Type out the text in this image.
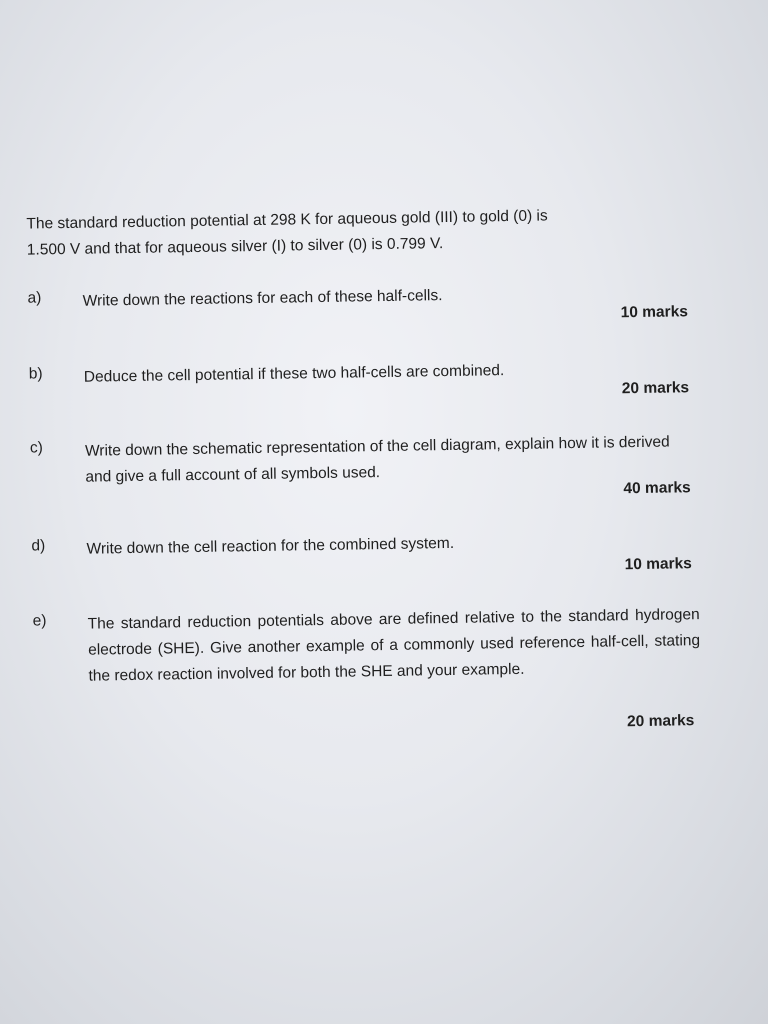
The standard reduction potential at 298 K for aqueous gold (III) to gold (0) is
1.500 V and that for aqueous silver (I) to silver (0) is 0.799 V.
a)	Write down the reactions for each of these half-cells.
10 marks
b)	Deduce the cell potential if these two half-cells are combined.
20 marks
c)	Write down the schematic representation of the cell diagram, explain how it is derived and give a full account of all symbols used.
40 marks
d)	Write down the cell reaction for the combined system.
10 marks
e)	The standard reduction potentials above are defined relative to the standard hydrogen electrode (SHE). Give another example of a commonly used reference half-cell, stating the redox reaction involved for both the SHE and your example.
20 marks
